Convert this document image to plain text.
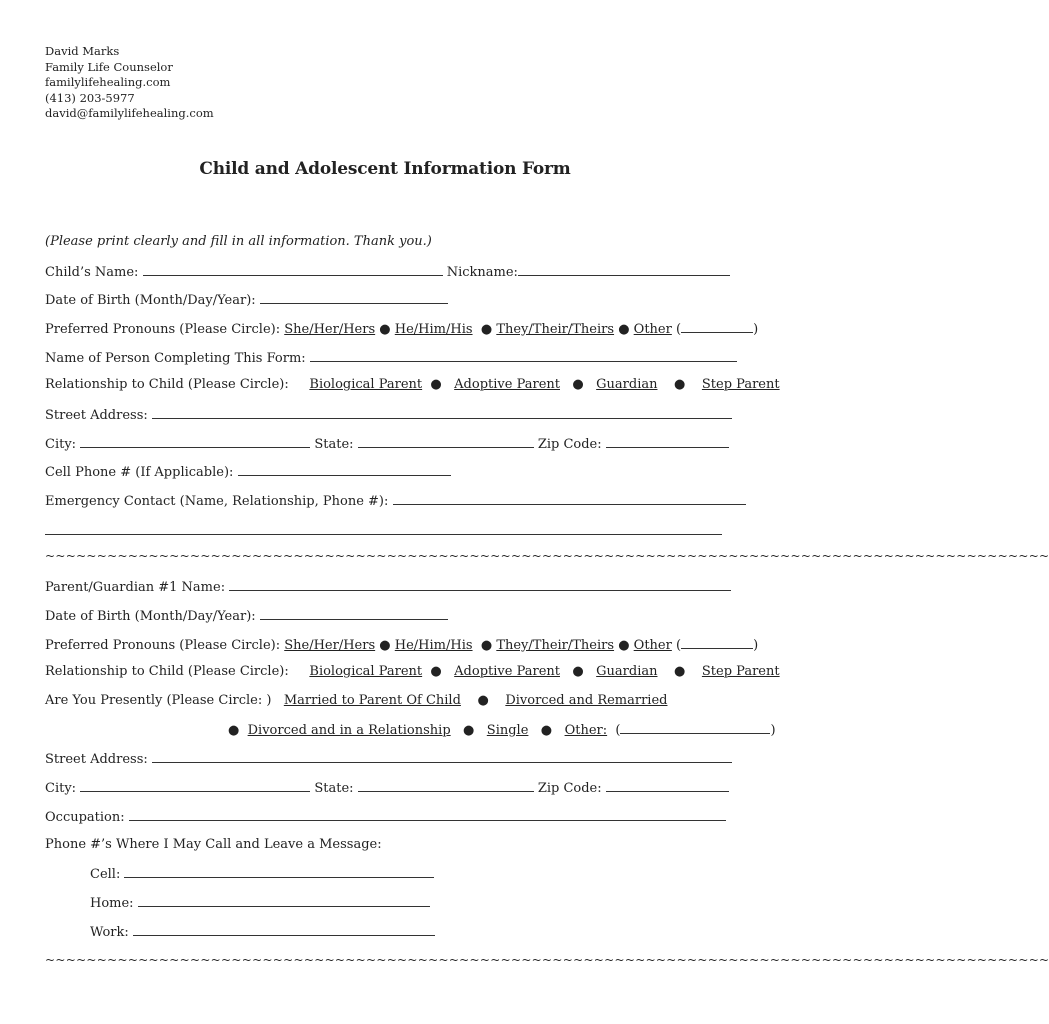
David Marks
Family Life Counselor
familylifehealing.com
(413) 203-5977
david@familylifehealing.com
Child and Adolescent Information Form
(Please print clearly and fill in all information. Thank you.)
Child’s Name:	Nickname:
Date of Birth (Month/Day/Year):
Preferred Pronouns (Please Circle): She/Her/Hers ● He/Him/His  ● They/Their/Theirs ● Other (	)
Name of Person Completing This Form:
Relationship to Child (Please Circle): Biological Parent  ●   Adoptive Parent   ●   Guardian    ●    Step Parent
Street Address:
City:	State:	Zip Code:
Cell Phone # (If Applicable):
Emergency Contact (Name, Relationship, Phone #):
~~~~~~~~~~~~~~~~~~~~~~~~~~~~~~~~~~~~~~~~~~~~~~~~~~~~~~~~~~~~~~~~~~~~~~~~~~~~~~~~~~~~~~~~~~~~~~~~~
Parent/Guardian #1 Name:
Date of Birth (Month/Day/Year):
Preferred Pronouns (Please Circle): She/Her/Hers ● He/Him/His  ● They/Their/Theirs ● Other (	)
Relationship to Child (Please Circle): Biological Parent  ●   Adoptive Parent   ●   Guardian    ●    Step Parent
Are You Presently (Please Circle: ) Married to Parent Of Child    ●    Divorced and Remarried
●  Divorced and in a Relationship   ●   Single   ●   Other:  (	)
Street Address:
City:	State:	Zip Code:
Occupation:
Phone #’s Where I May Call and Leave a Message:
Cell:
Home:
Work:
~~~~~~~~~~~~~~~~~~~~~~~~~~~~~~~~~~~~~~~~~~~~~~~~~~~~~~~~~~~~~~~~~~~~~~~~~~~~~~~~~~~~~~~~~~~~~~~~~
